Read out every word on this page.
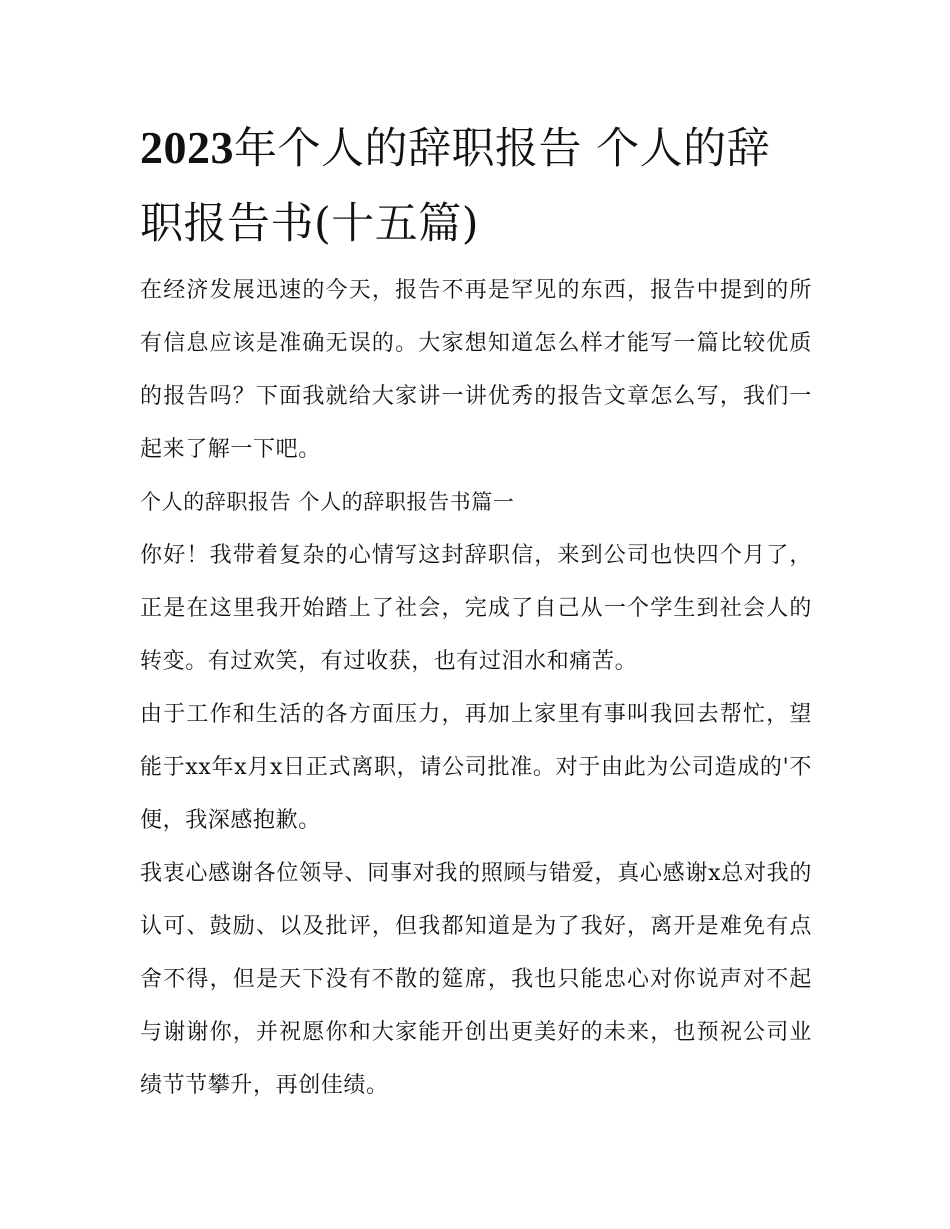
2023年个人的辞职报告 个人的辞职报告书(十五篇)

在经济发展迅速的今天，报告不再是罕见的东西，报告中提到的所有信息应该是准确无误的。大家想知道怎么样才能写一篇比较优质的报告吗？下面我就给大家讲一讲优秀的报告文章怎么写，我们一起来了解一下吧。

个人的辞职报告 个人的辞职报告书篇一

你好！我带着复杂的心情写这封辞职信，来到公司也快四个月了，正是在这里我开始踏上了社会，完成了自己从一个学生到社会人的转变。有过欢笑，有过收获，也有过泪水和痛苦。

由于工作和生活的各方面压力，再加上家里有事叫我回去帮忙，望能于xx年x月x日正式离职，请公司批准。对于由此为公司造成的'不便，我深感抱歉。

我衷心感谢各位领导、同事对我的照顾与错爱，真心感谢x总对我的认可、鼓励、以及批评，但我都知道是为了我好，离开是难免有点舍不得，但是天下没有不散的筵席，我也只能忠心对你说声对不起与谢谢你，并祝愿你和大家能开创出更美好的未来，也预祝公司业绩节节攀升，再创佳绩。
